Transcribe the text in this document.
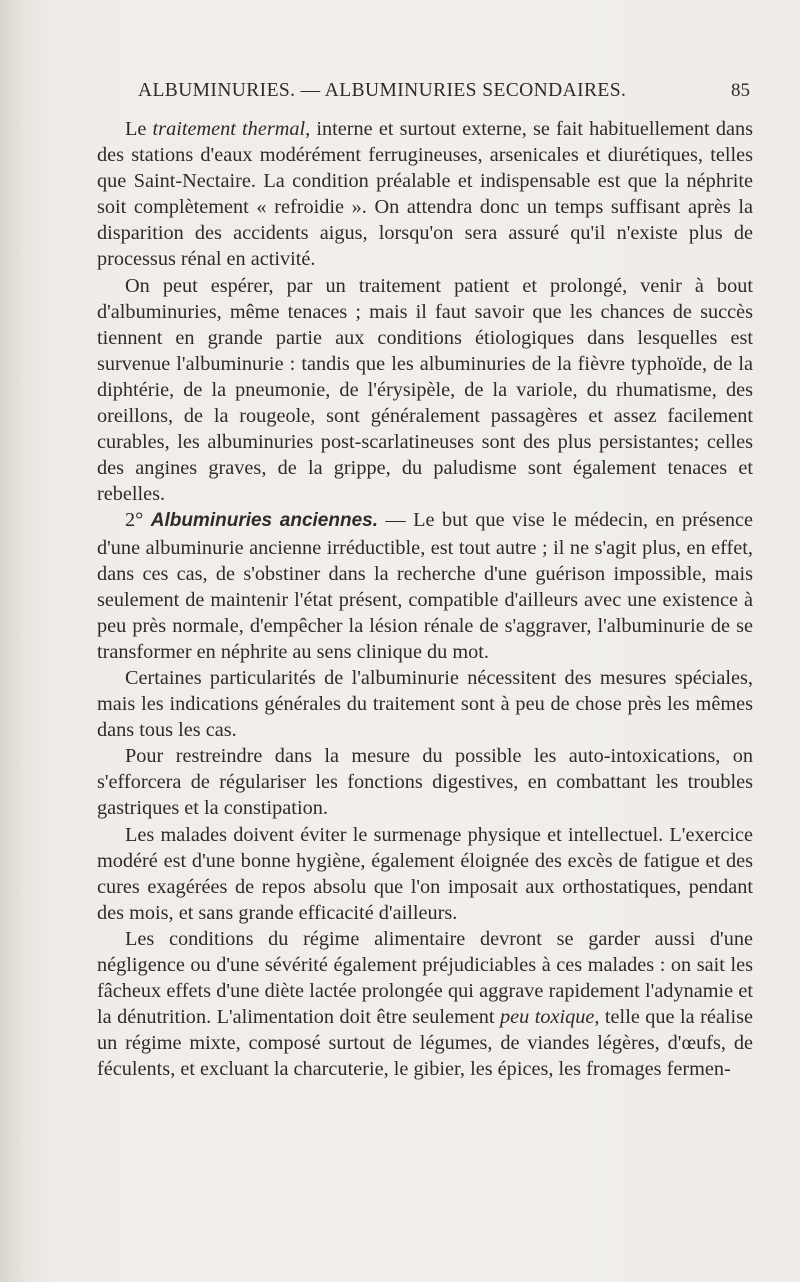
ALBUMINURIES. — ALBUMINURIES SECONDAIRES.	85

Le traitement thermal, interne et surtout externe, se fait habituellement dans des stations d'eaux modérément ferrugineuses, arsenicales et diurétiques, telles que Saint-Nectaire. La condition préalable et indispensable est que la néphrite soit complètement « refroidie ». On attendra donc un temps suffisant après la disparition des accidents aigus, lorsqu'on sera assuré qu'il n'existe plus de processus rénal en activité.

On peut espérer, par un traitement patient et prolongé, venir à bout d'albuminuries, même tenaces ; mais il faut savoir que les chances de succès tiennent en grande partie aux conditions étiologiques dans lesquelles est survenue l'albuminurie : tandis que les albuminuries de la fièvre typhoïde, de la diphtérie, de la pneumonie, de l'érysipèle, de la variole, du rhumatisme, des oreillons, de la rougeole, sont généralement passagères et assez facilement curables, les albuminuries post-scarlatineuses sont des plus persistantes; celles des angines graves, de la grippe, du paludisme sont également tenaces et rebelles.

2° Albuminuries anciennes. — Le but que vise le médecin, en présence d'une albuminurie ancienne irréductible, est tout autre ; il ne s'agit plus, en effet, dans ces cas, de s'obstiner dans la recherche d'une guérison impossible, mais seulement de maintenir l'état présent, compatible d'ailleurs avec une existence à peu près normale, d'empêcher la lésion rénale de s'aggraver, l'albuminurie de se transformer en néphrite au sens clinique du mot.

Certaines particularités de l'albuminurie nécessitent des mesures spéciales, mais les indications générales du traitement sont à peu de chose près les mêmes dans tous les cas.

Pour restreindre dans la mesure du possible les auto-intoxications, on s'efforcera de régulariser les fonctions digestives, en combattant les troubles gastriques et la constipation.

Les malades doivent éviter le surmenage physique et intellectuel. L'exercice modéré est d'une bonne hygiène, également éloignée des excès de fatigue et des cures exagérées de repos absolu que l'on imposait aux orthostatiques, pendant des mois, et sans grande efficacité d'ailleurs.

Les conditions du régime alimentaire devront se garder aussi d'une négligence ou d'une sévérité également préjudiciables à ces malades : on sait les fâcheux effets d'une diète lactée prolongée qui aggrave rapidement l'adynamie et la dénutrition. L'alimentation doit être seulement peu toxique, telle que la réalise un régime mixte, composé surtout de légumes, de viandes légères, d'œufs, de féculents, et excluant la charcuterie, le gibier, les épices, les fromages fermen-
